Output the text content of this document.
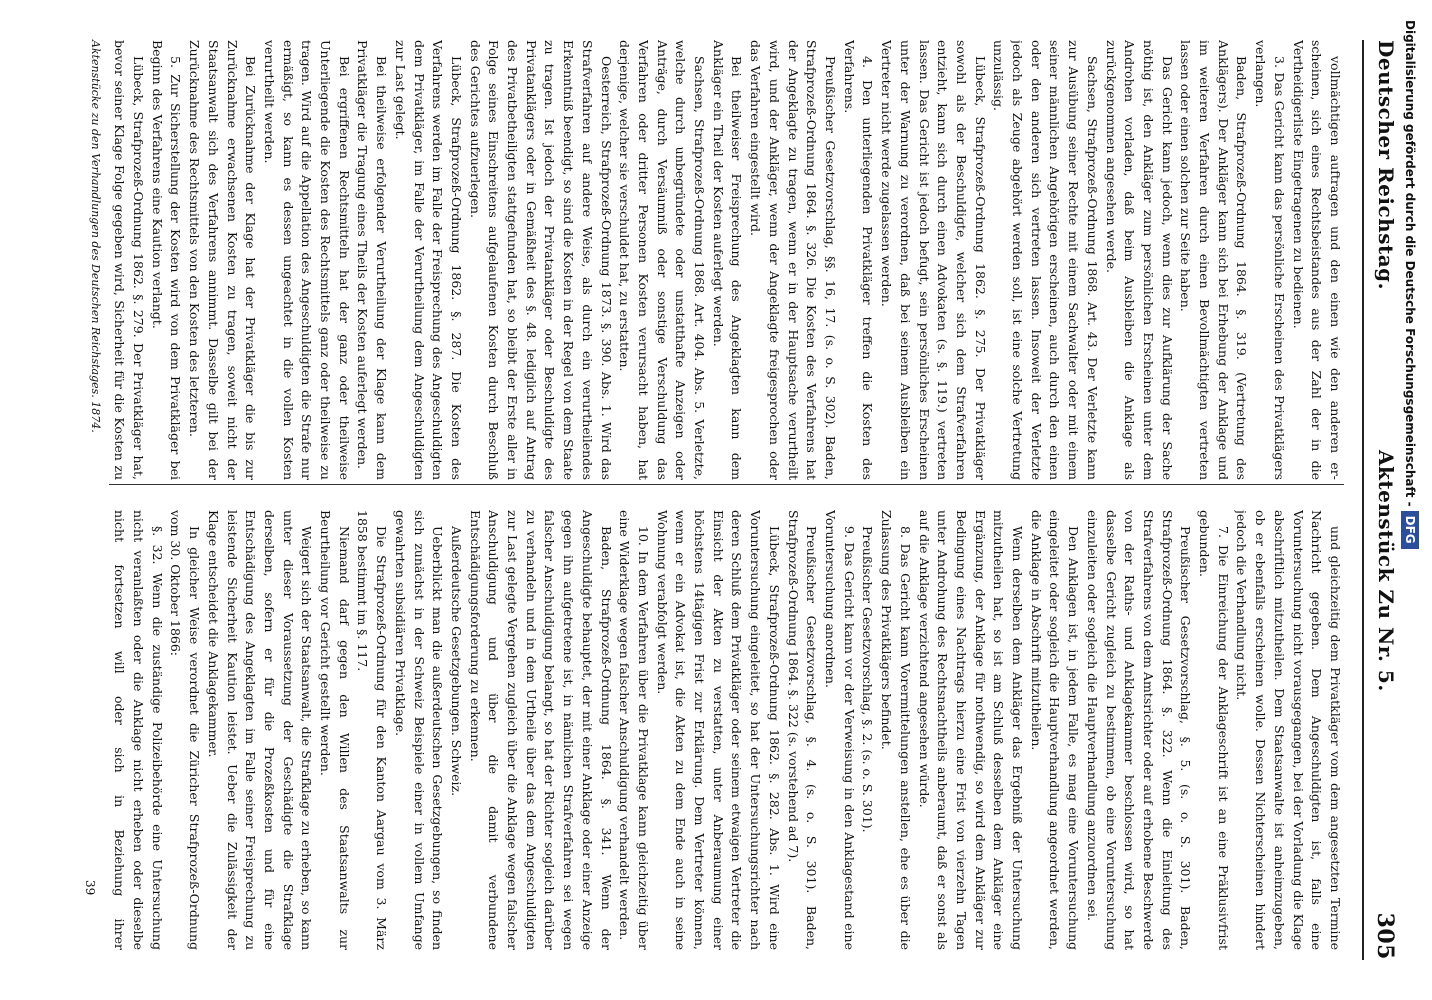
Deutscher Reichstag.
Aktenstück Zu Nr. 5.
305

vollmächtigen auftragen und den einen wie den anderen er-scheinen, sich eines Rechtsbeistandes aus der Zahl der in die Vertheidigerliste Eingetragenen zu bedienen.

3. Das Gericht kann das persönliche Erscheinen des Privatklägers verlangen.

Baden, Strafprozeß-Ordnung 1864. §. 319. (Vertretung des Anklägers). Der Ankläger kann sich bei Erhebung der Anklage und im weiteren Verfahren durch einen Bevollmächtigten vertreten lassen oder einen solchen zur Seite haben.

Das Gericht kann jedoch, wenn dies zur Aufklärung der Sache nöthig ist, den Ankläger zum persönlichen Erscheinen unter dem Androhen vorladen, daß beim Ausbleiben die Anklage als zurückgenommen angesehen werde.

Sachsen, Strafprozeß-Ordnung 1868. Art. 43. Der Verletzte kann zur Ausübung seiner Rechte mit einem Sachwalter oder mit einem seiner männlichen Angehörigen erscheinen, auch durch den einen oder den anderen sich vertreten lassen. Insoweit der Verletzte jedoch als Zeuge abgehört werden soll, ist eine solche Vertretung unzulässig.

Lübeck, Strafprozeß-Ordnung 1862. §. 275. Der Privatkläger sowohl als der Beschuldigte, welcher sich dem Strafverfahren entzieht, kann sich durch einen Advokaten (s. §. 119.) vertreten lassen. Das Gericht ist jedoch befugt, sein persönliches Erscheinen unter der Warnung zu verordnen, daß bei seinem Ausbleiben ein Vertreter nicht werde zugelassen werden.

4. Den unterliegenden Privatkläger treffen die Kosten des Verfahrens.

Preußischer Gesetzvorschlag, §§. 16, 17. (s. o. S. 302). Baden, Strafprozeß-Ordnung 1864. §. 326. Die Kosten des Verfahrens hat der Angeklagte zu tragen, wenn er in der Hauptsache verurtheilt wird, und der Ankläger, wenn der Angeklagte freigesprochen oder das Verfahren eingestellt wird.

Bei theilweiser Freisprechung des Angeklagten kann dem Ankläger ein Theil der Kosten auferlegt werden.

Sachsen, Strafprozeß-Ordnung 1868. Art. 404. Abs. 5. Verletzte, welche durch unbegründete oder unstatthafte Anzeigen oder Anträge, durch Versäumniß oder sonstige Verschuldung das Verfahren oder dritter Personen Kosten verursacht haben, hat derjenige, welcher sie verschuldet hat, zu erstatten.

Oesterreich, Strafprozeß-Ordnung 1873. §. 390. Abs. 1. Wird das Strafverfahren auf andere Weise, als durch ein verurtheilendes Erkenntniß beendigt, so sind die Kosten in der Regel von dem Staate zu tragen. Ist jedoch der Privatankläger oder Beschuldigte des Privatanklägers oder in Gemäßheit des §. 48. lediglich auf Antrag des Privatbetheiligten stattgefunden hat, so bleibt der Erste aller in Folge seines Einschreitens aufgelaufenen Kosten durch Beschluß des Gerichtes aufzuerlegen.

Lübeck, Strafprozeß-Ordnung 1862. §. 287. Die Kosten des Verfahrens werden im Falle der Freisprechung des Angeschuldigten dem Privatkläger, im Falle der Verurtheilung dem Angeschuldigten zur Last gelegt.

Bei theilweise erfolgender Verurtheilung der Klage kann dem Privatkläger die Tragung eines Theils der Kosten auferlegt werden.

Bei ergriffenen Rechtsmitteln hat der ganz oder theilweise Unterliegende die Kosten des Rechtsmittels ganz oder theilweise zu tragen. Wird auf die Appellation des Angeschuldigten die Strafe nur ermäßigt, so kann es dessen ungeachtet in die vollen Kosten verurtheilt werden.

Bei Zurücknahme der Klage hat der Privatkläger die bis zur Zurücknahme erwachsenen Kosten zu tragen, soweit nicht der Staatsanwalt sich des Verfahrens annimmt. Dasselbe gilt bei der Zurücknahme des Rechtsmittels von den Kosten des letzteren.

5. Zur Sicherstellung der Kosten wird von dem Privatkläger bei Beginn des Verfahrens eine Kaution verlangt.

Lübeck, Strafprozeß-Ordnung 1862. §. 279. Der Privatkläger hat, bevor seiner Klage Folge gegeben wird, Sicherheit für die Kosten zu

und gleichzeitig dem Privatkläger vom dem angesetzten Termine Nachricht gegeben. Dem Angeschuldigten ist, falls eine Voruntersuchung nicht vorausgegangen, bei der Vorladung die Klage abschriftlich mitzutheilen. Dem Staatsanwalte ist anheimzugeben, ob er ebenfalls erscheinen wolle. Dessen Nichterscheinen hindert jedoch die Verhandlung nicht.

7. Die Einreichung der Anklageschrift ist an eine Präklusivfrist gebunden.

Preußischer Gesetzvorschlag, §. 5. (s. o. S. 301). Baden, Strafprozeß-Ordnung 1864. §. 322. Wenn die Einleitung des Strafverfahrens von dem Amtsrichter oder auf erhobene Beschwerde von der Raths- und Anklagekammer beschlossen wird, so hat dasselbe Gericht zugleich zu bestimmen, ob eine Voruntersuchung einzuleiten oder sogleich die Hauptverhandlung anzuordnen sei.

Den Anklagen ist, in jedem Falle, es mag eine Voruntersuchung eingeleitet oder sogleich die Hauptverhandlung angeordnet werden, die Anklage in Abschrift mitzutheilen.

Wenn derselben dem Ankläger das Ergebniß der Untersuchung mitzutheilen hat, so ist am Schluß desselben dem Ankläger eine Ergänzung, der Anklage für nothwendig, so wird dem Ankläger zur Bedingung eines Nachtrags hierzu eine Frist von vierzehn Tagen unter Androhung des Rechtsnachtheils anberaumt, daß er sonst als auf die Anklage verzichtend angesehen würde.

8. Das Gericht kann Vorermittelungen anstellen, ehe es über die Zulassung des Privatklägers befindet.

Preußischer Gesetzvorschlag, §. 2. (s. o. S. 301).

9. Das Gericht kann vor der Verweisung in den Anklagestand eine Voruntersuchung anordnen.

Preußischer Gesetzvorschlag, §. 4. (s. o. S. 301). Baden, Strafprozeß-Ordnung 1864. §. 322 (s. vorstehend ad 7).

Lübeck, Strafprozeß-Ordnung 1862. §. 282. Abs. 1. Wird eine Voruntersuchung eingeleitet, so hat der Untersuchungsrichter nach deren Schluß dem Privatkläger oder seinem etwaigen Vertreter die Einsicht der Akten zu verstatten, unter Anberaumung einer höchstens 14tägigen Frist zur Erklärung. Dem Vertreter können, wenn er ein Advokat ist, die Akten zu dem Ende auch in seine Wohnung verabfolgt werden.

10. In dem Verfahren über die Privatklage kann gleichzeitig über eine Widerklage wegen falscher Anschuldigung verhandelt werden.

Baden, Strafprozeß-Ordnung 1864. §. 341. Wenn der Angeschuldigte behauptet, der mit einer Anklage oder einer Anzeige gegen ihn aufgetretene ist, in nämlichen Strafverfahren sei wegen falscher Anschuldigung belangt, so hat der Richter sogleich darüber zu verhandeln und in dem Urtheile über das dem Angeschuldigten zur Last gelegte Vergehen zugleich über die Anklage wegen falscher Anschuldigung und über die damit verbundene Entschädigungsforderung zu erkennen.

Außerdeutsche Gesetzgebungen. Schweiz.

Ueberblickt man die außerdeutschen Gesetzgebungen, so finden sich zunächst in der Schweiz Beispiele einer in vollem Umfange gewahrten subsidiären Privatklage.

Die Strafprozeß-Ordnung für den Kanton Aargau vom 3. März 1858 bestimmt im §. 117.

Niemand darf gegen den Willen des Staatsanwalts zur Beurtheilung vor Gericht gestellt werden.

Weigert sich der Staatsanwalt, die Strafklage zu erheben, so kann unter dieser Voraussetzung der Geschädigte die Strafklage derselben, sofern er für die Prozeßkosten und für eine Entschädigung des Angeklagten im Falle seiner Freisprechung zu leistende Sicherheit Kaution leistet. Ueber die Zulässigkeit der Klage entscheidet die Anklagekammer.

In gleicher Weise verordnet die Züricher Strafprozeß-Ordnung vom 30. Oktober 1866:

§. 32. Wenn die zuständige Polizeibehörde eine Untersuchung nicht veranlaßten oder die Anklage nicht erheben oder dieselbe nicht fortsetzen will oder sich in Beziehung ihrer

Aktenstücke zu den Verhandlungen des Deutschen Reichstages. 1874.
39
Digitalisierung gefördert durch die Deutsche Forschungsgemeinschaft -DFG
